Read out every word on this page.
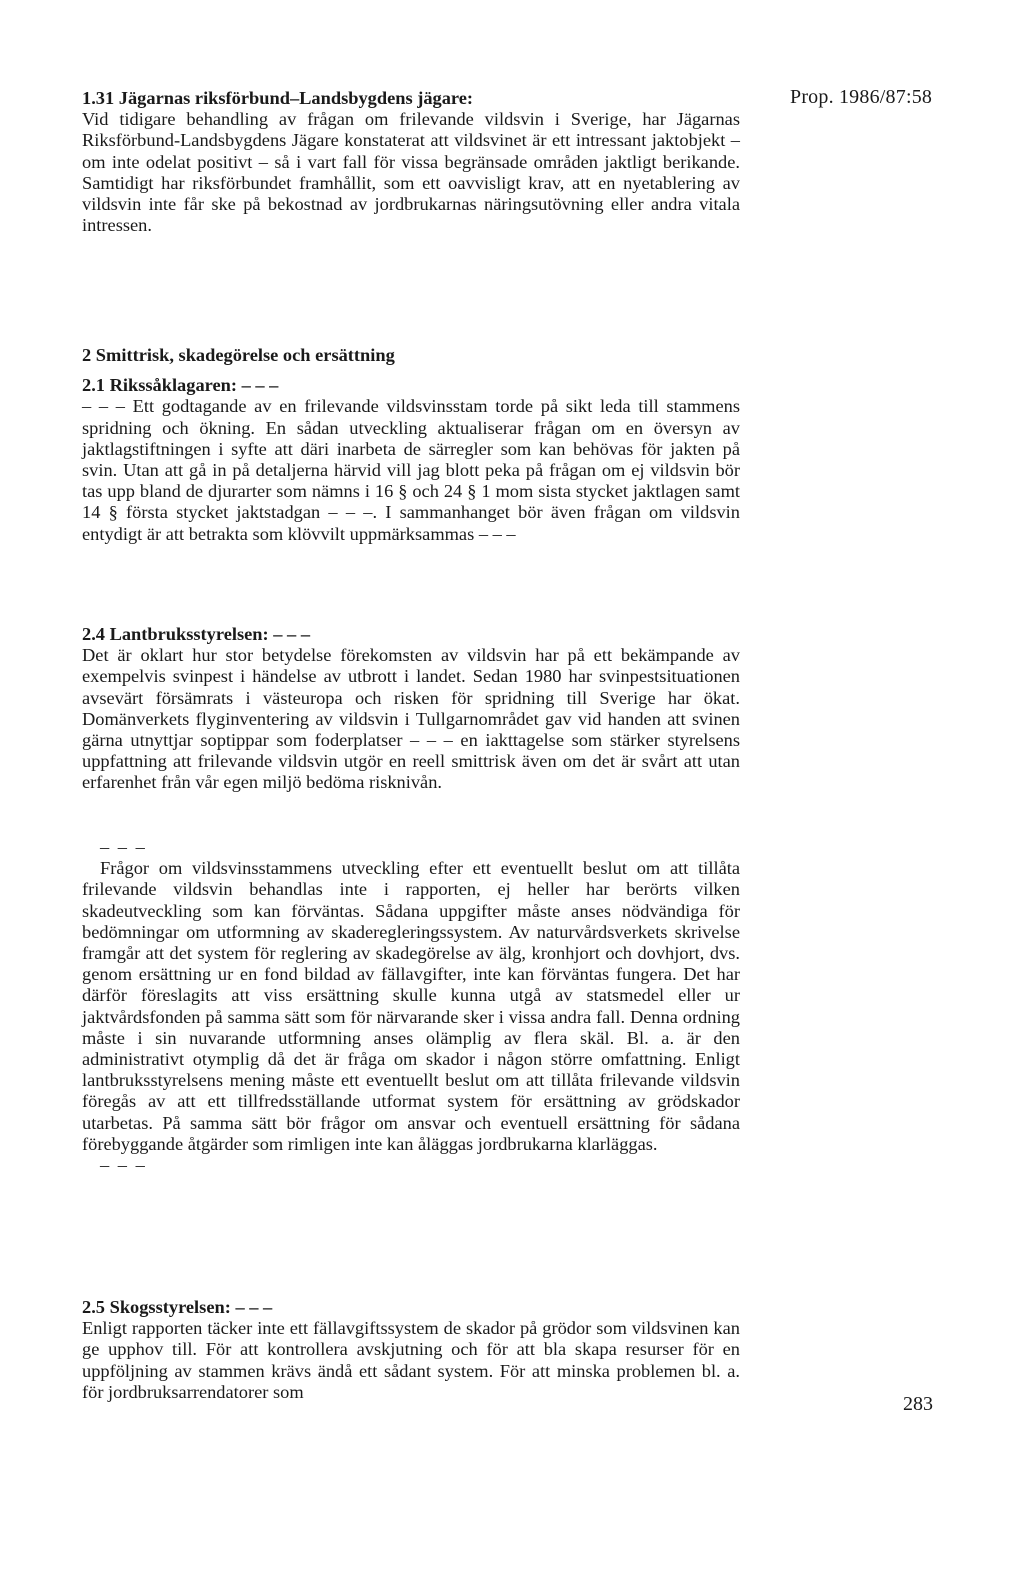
Prop. 1986/87:58

1.31 Jägarnas riksförbund–Landsbygdens jägare:

Vid tidigare behandling av frågan om frilevande vildsvin i Sverige, har Jägarnas Riksförbund-Landsbygdens Jägare konstaterat att vildsvinet är ett intressant jaktobjekt – om inte odelat positivt – så i vart fall för vissa begränsade områden jaktligt berikande. Samtidigt har riksförbundet framhållit, som ett oavvisligt krav, att en nyetablering av vildsvin inte får ske på bekostnad av jordbrukarnas näringsutövning eller andra vitala intressen.

2 Smittrisk, skadegörelse och ersättning

2.1 Rikssåklagaren: – – –

– – – Ett godtagande av en frilevande vildsvinsstam torde på sikt leda till stammens spridning och ökning. En sådan utveckling aktualiserar frågan om en översyn av jaktlagstiftningen i syfte att däri inarbeta de särregler som kan behövas för jakten på svin. Utan att gå in på detaljerna härvid vill jag blott peka på frågan om ej vildsvin bör tas upp bland de djurarter som nämns i 16 § och 24 § 1 mom sista stycket jaktlagen samt 14 § första stycket jaktstadgan – – –. I sammanhanget bör även frågan om vildsvin entydigt är att betrakta som klövvilt uppmärksammas – – –

2.4 Lantbruksstyrelsen: – – –

Det är oklart hur stor betydelse förekomsten av vildsvin har på ett bekämpande av exempelvis svinpest i händelse av utbrott i landet. Sedan 1980 har svinpestsituationen avsevärt försämrats i västeuropa och risken för spridning till Sverige har ökat. Domänverkets flyginventering av vildsvin i Tullgarnområdet gav vid handen att svinen gärna utnyttjar soptippar som foderplatser – – – en iakttagelse som stärker styrelsens uppfattning att frilevande vildsvin utgör en reell smittrisk även om det är svårt att utan erfarenhet från vår egen miljö bedöma risknivån.

– – –

Frågor om vildsvinsstammens utveckling efter ett eventuellt beslut om att tillåta frilevande vildsvin behandlas inte i rapporten, ej heller har berörts vilken skadeutveckling som kan förväntas. Sådana uppgifter måste anses nödvändiga för bedömningar om utformning av skaderegleringssystem. Av naturvårdsverkets skrivelse framgår att det system för reglering av skadegörelse av älg, kronhjort och dovhjort, dvs. genom ersättning ur en fond bildad av fällavgifter, inte kan förväntas fungera. Det har därför föreslagits att viss ersättning skulle kunna utgå av statsmedel eller ur jaktvårdsfonden på samma sätt som för närvarande sker i vissa andra fall. Denna ordning måste i sin nuvarande utformning anses olämplig av flera skäl. Bl. a. är den administrativt otymplig då det är fråga om skador i någon större omfattning. Enligt lantbruksstyrelsens mening måste ett eventuellt beslut om att tillåta frilevande vildsvin föregås av att ett tillfredsställande utformat system för ersättning av grödskador utarbetas. På samma sätt bör frågor om ansvar och eventuell ersättning för sådana förebyggande åtgärder som rimligen inte kan åläggas jordbrukarna klarläggas.

– – –

2.5 Skogsstyrelsen: – – –

Enligt rapporten täcker inte ett fällavgiftssystem de skador på grödor som vildsvinen kan ge upphov till. För att kontrollera avskjutning och för att bla skapa resurser för en uppföljning av stammen krävs ändå ett sådant system. För att minska problemen bl. a. för jordbruksarrendatorer som

283
